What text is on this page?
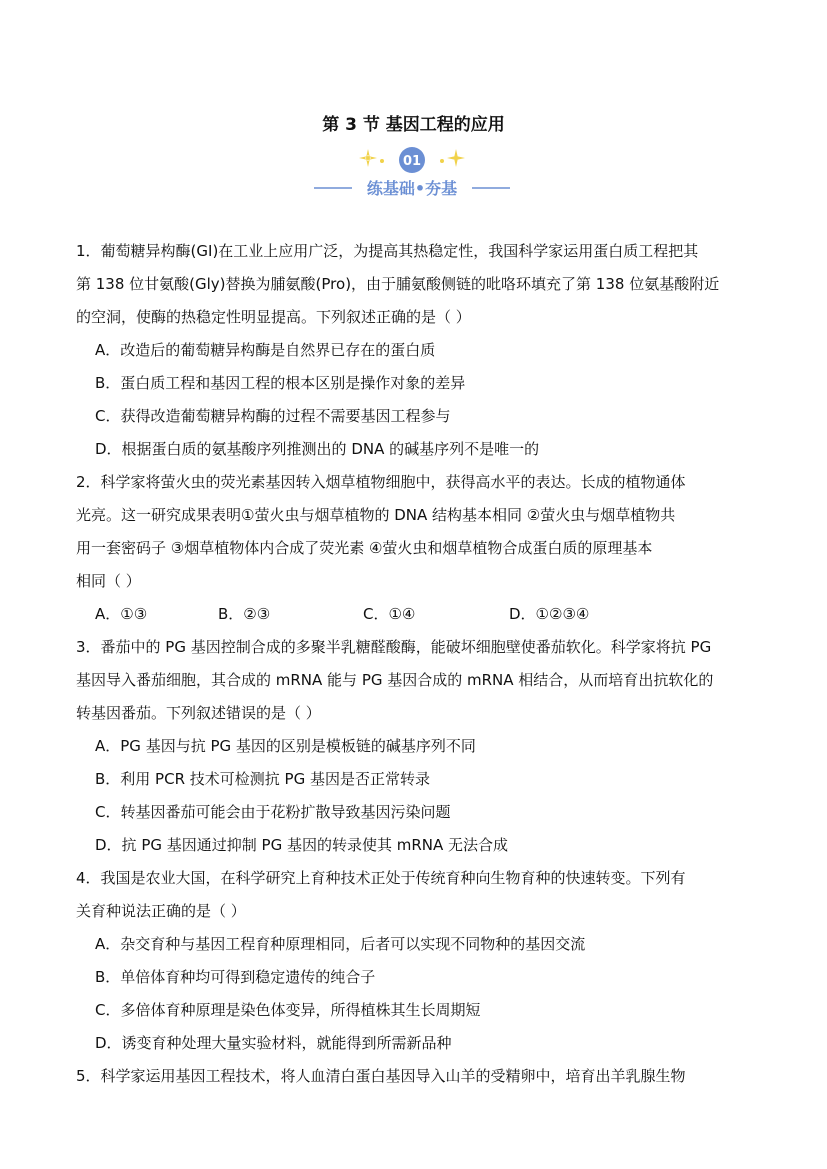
第 3 节 基因工程的应用
01
练基础•夯基
1．葡萄糖异构酶(GI)在工业上应用广泛，为提高其热稳定性，我国科学家运用蛋白质工程把其
第 138 位甘氨酸(Gly)替换为脯氨酸(Pro)，由于脯氨酸侧链的吡咯环填充了第 138 位氨基酸附近
的空洞，使酶的热稳定性明显提高。下列叙述正确的是（ ）
A．改造后的葡萄糖异构酶是自然界已存在的蛋白质
B．蛋白质工程和基因工程的根本区别是操作对象的差异
C．获得改造葡萄糖异构酶的过程不需要基因工程参与
D．根据蛋白质的氨基酸序列推测出的 DNA 的碱基序列不是唯一的
2．科学家将萤火虫的荧光素基因转入烟草植物细胞中，获得高水平的表达。长成的植物通体
光亮。这一研究成果表明①萤火虫与烟草植物的 DNA 结构基本相同 ②萤火虫与烟草植物共
用一套密码子 ③烟草植物体内合成了荧光素 ④萤火虫和烟草植物合成蛋白质的原理基本
相同（ ）
A．①③	B．②③	C．①④	D．①②③④
3．番茄中的 PG 基因控制合成的多聚半乳糖醛酸酶，能破坏细胞壁使番茄软化。科学家将抗 PG
基因导入番茄细胞，其合成的 mRNA 能与 PG 基因合成的 mRNA 相结合，从而培育出抗软化的
转基因番茄。下列叙述错误的是（ ）
A．PG 基因与抗 PG 基因的区别是模板链的碱基序列不同
B．利用 PCR 技术可检测抗 PG 基因是否正常转录
C．转基因番茄可能会由于花粉扩散导致基因污染问题
D．抗 PG 基因通过抑制 PG 基因的转录使其 mRNA 无法合成
4．我国是农业大国，在科学研究上育种技术正处于传统育种向生物育种的快速转变。下列有
关育种说法正确的是（ ）
A．杂交育种与基因工程育种原理相同，后者可以实现不同物种的基因交流
B．单倍体育种均可得到稳定遗传的纯合子
C．多倍体育种原理是染色体变异，所得植株其生长周期短
D．诱变育种处理大量实验材料，就能得到所需新品种
5．科学家运用基因工程技术，将人血清白蛋白基因导入山羊的受精卵中，培育出羊乳腺生物
